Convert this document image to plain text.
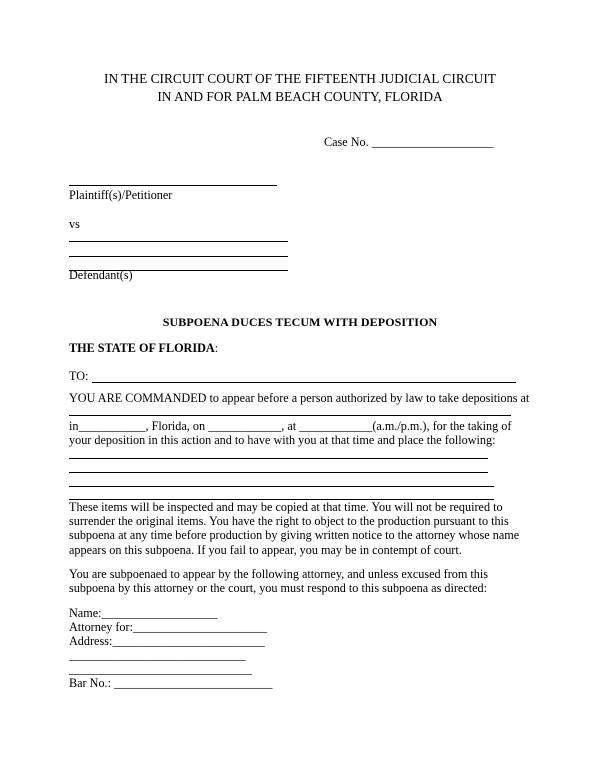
IN THE CIRCUIT COURT OF THE FIFTEENTH JUDICIAL CIRCUIT
IN AND FOR PALM BEACH COUNTY, FLORIDA
Case No. ____________________
Plaintiff(s)/Petitioner
vs
Defendant(s)
SUBPOENA DUCES TECUM WITH DEPOSITION
THE STATE OF FLORIDA:
TO:
YOU ARE COMMANDED to appear before a person authorized by law to take depositions at
in___________, Florida, on ____________, at ____________(a.m./p.m.), for the taking of
your deposition in this action and to have with you at that time and place the following:
These items will be inspected and may be copied at that time. You will not be required to surrender the original items. You have the right to object to the production pursuant to this subpoena at any time before production by giving written notice to the attorney whose name appears on this subpoena. If you fail to appear, you may be in contempt of court.
You are subpoenaed to appear by the following attorney, and unless excused from this subpoena by this attorney or the court, you must respond to this subpoena as directed:
Name:___________________
Attorney for:______________________
Address:_________________________
_____________________________
______________________________
Bar No.: __________________________
